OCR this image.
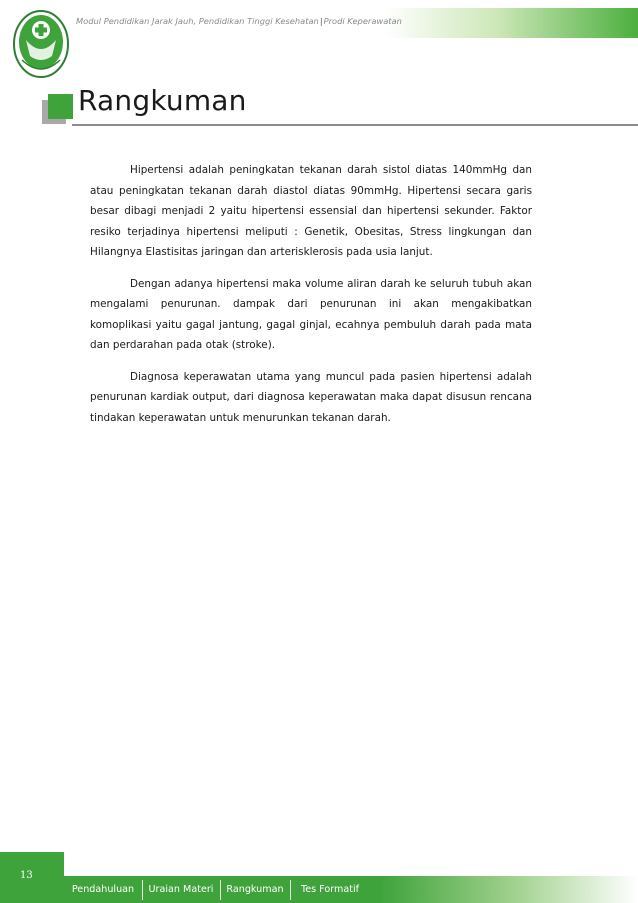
Modul Pendidikan Jarak Jauh, Pendidikan Tinggi Kesehatan|Prodi Keperawatan
Rangkuman

Hipertensi adalah peningkatan tekanan darah sistol diatas 140mmHg dan atau peningkatan tekanan darah diastol diatas 90mmHg. Hipertensi secara garis besar dibagi menjadi 2 yaitu hipertensi essensial dan hipertensi sekunder. Faktor resiko terjadinya hipertensi meliputi : Genetik, Obesitas, Stress lingkungan dan Hilangnya Elastisitas jaringan dan arterisklerosis pada usia lanjut.

Dengan adanya hipertensi maka volume aliran darah ke seluruh tubuh akan mengalami penurunan. dampak dari penurunan ini akan mengakibatkan komoplikasi yaitu gagal jantung, gagal ginjal, ecahnya pembuluh darah pada mata dan perdarahan pada otak (stroke).

Diagnosa keperawatan utama yang muncul pada pasien hipertensi adalah penurunan kardiak output, dari diagnosa keperawatan maka dapat disusun rencana tindakan keperawatan untuk menurunkan tekanan darah.

13
Pendahuluan	Uraian Materi	Rangkuman	Tes Formatif
